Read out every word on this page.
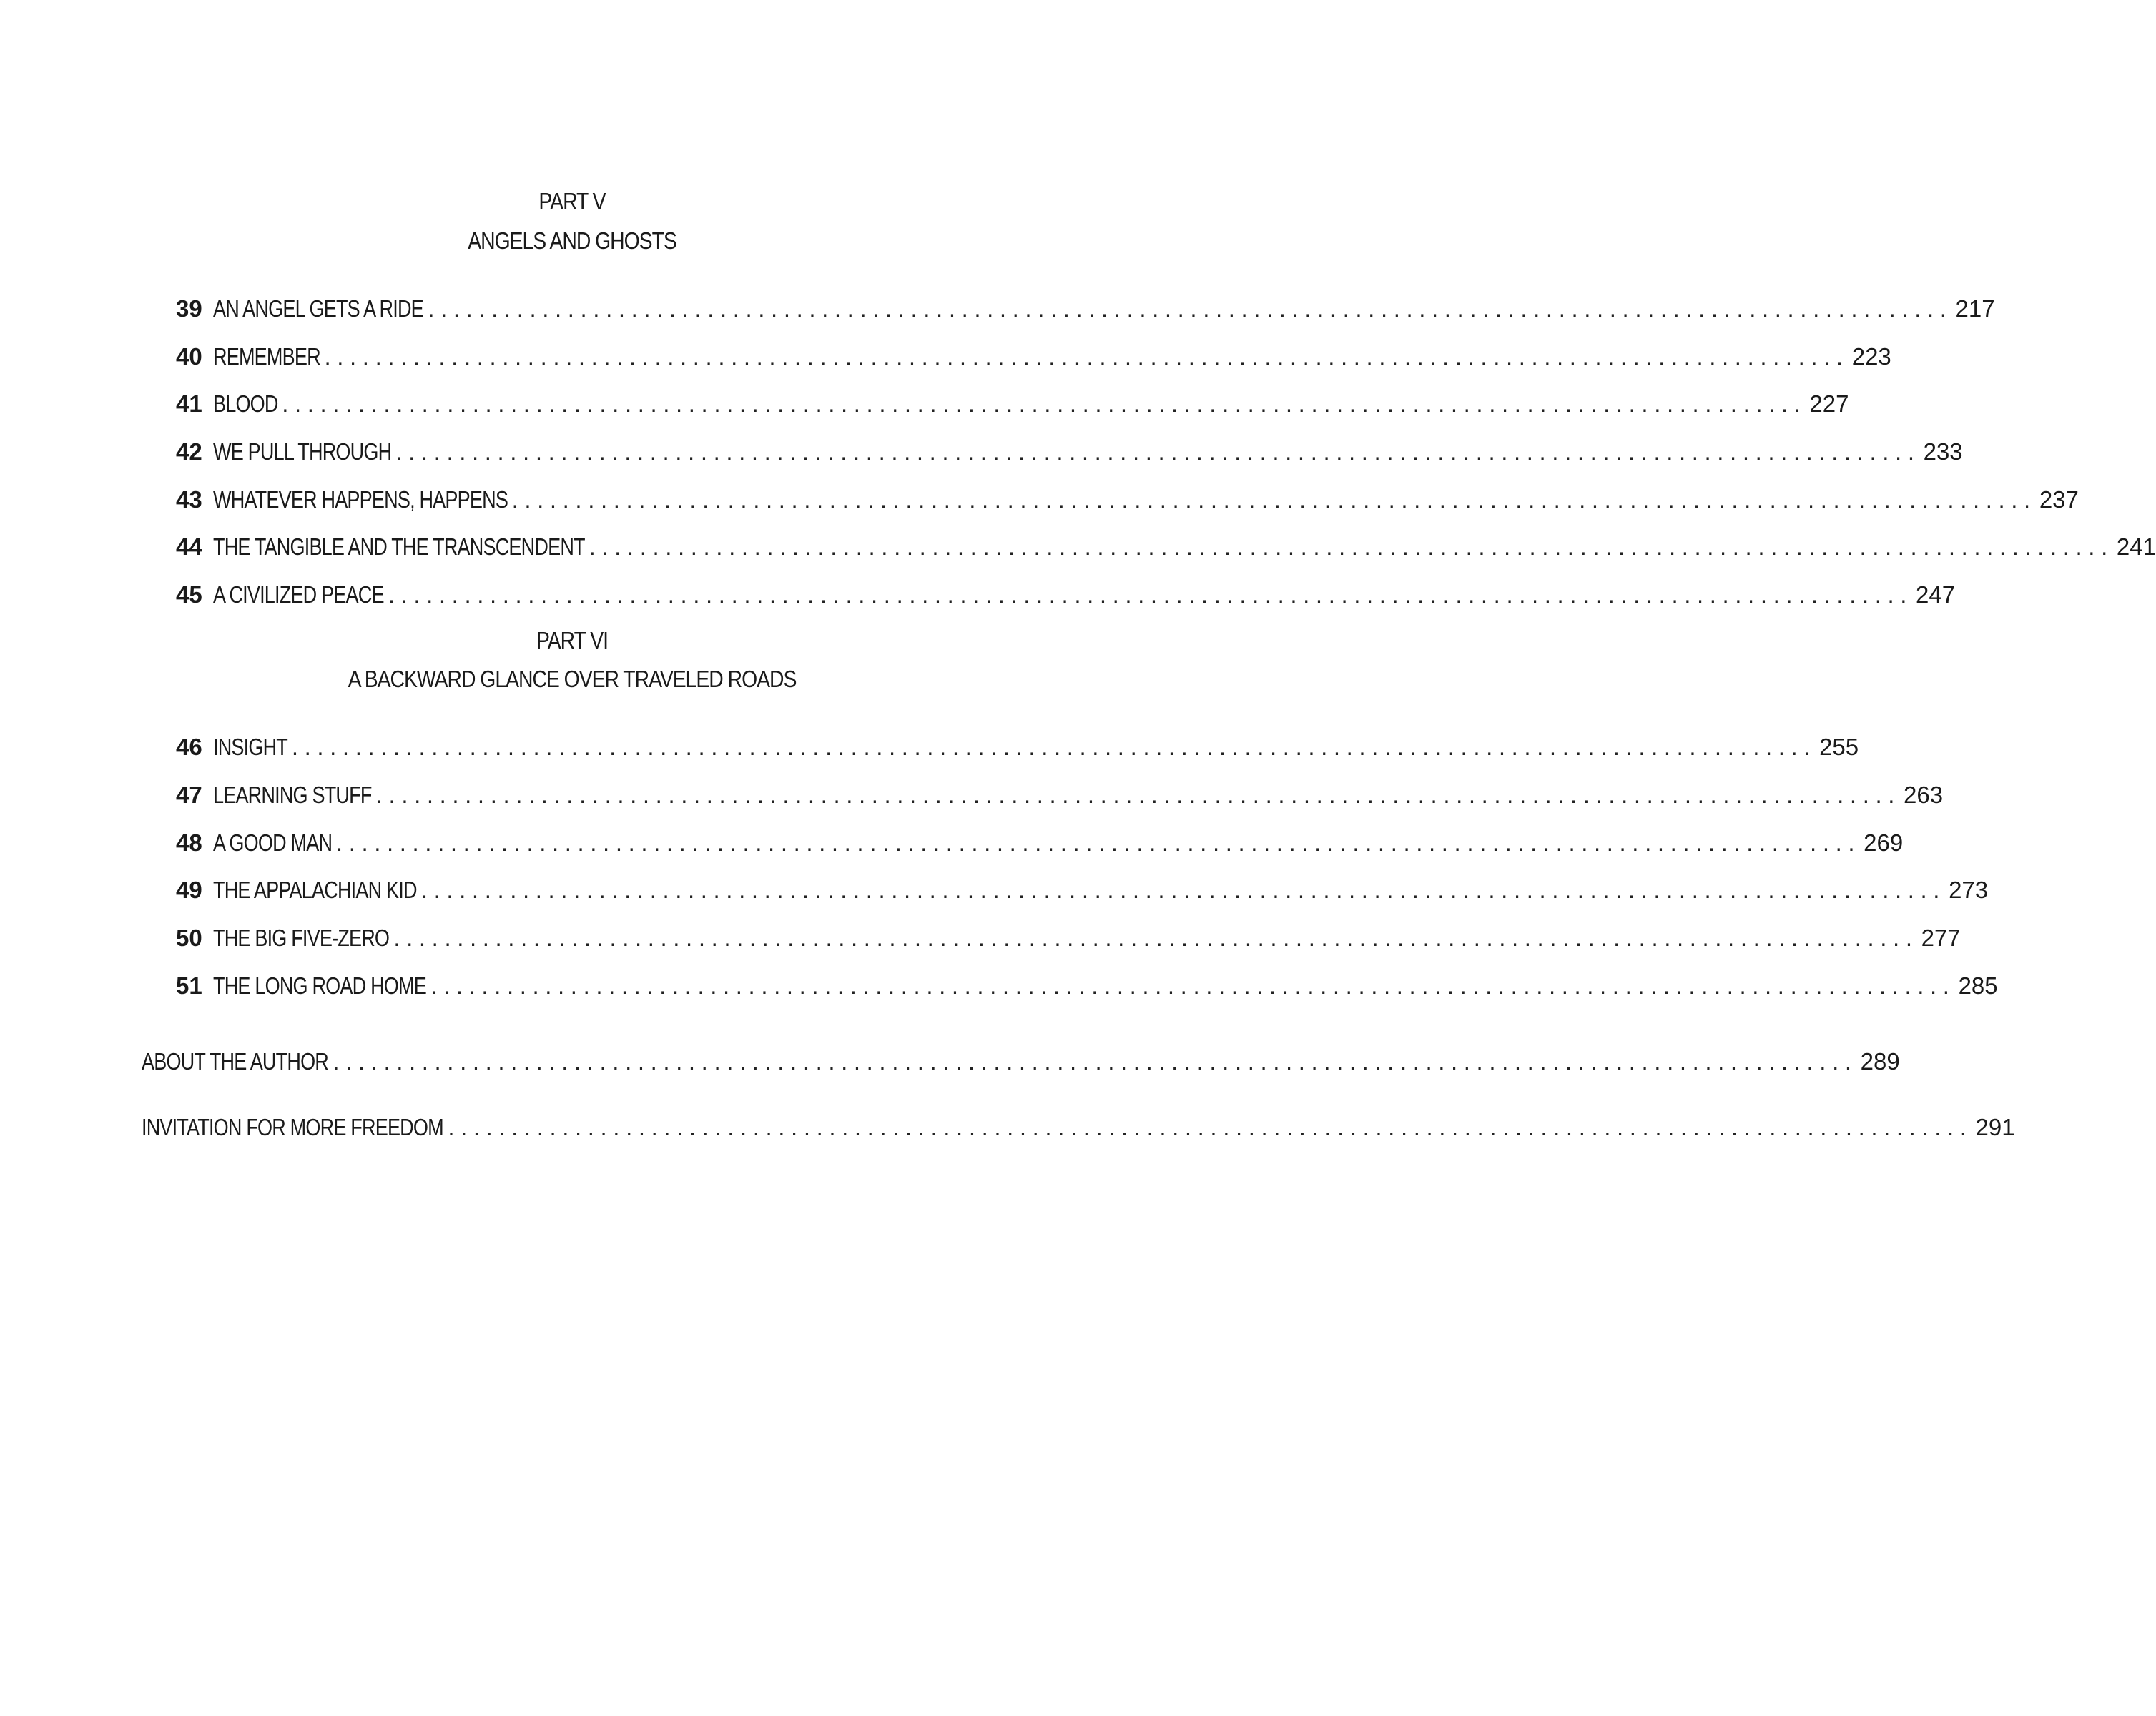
PART V
ANGELS AND GHOSTS
39 AN ANGEL GETS A RIDE ........................................................................................................................ 217
40 REMEMBER ........................................................................................................................ 223
41 BLOOD ........................................................................................................................ 227
42 WE PULL THROUGH ........................................................................................................................ 233
43 WHATEVER HAPPENS, HAPPENS ........................................................................................................................ 237
44 THE TANGIBLE AND THE TRANSCENDENT ........................................................................................................................ 241
45 A CIVILIZED PEACE ........................................................................................................................ 247
PART VI
A BACKWARD GLANCE OVER TRAVELED ROADS
46 INSIGHT ........................................................................................................................ 255
47 LEARNING STUFF ........................................................................................................................ 263
48 A GOOD MAN ........................................................................................................................ 269
49 THE APPALACHIAN KID ........................................................................................................................ 273
50 THE BIG FIVE-ZERO ........................................................................................................................ 277
51 THE LONG ROAD HOME ........................................................................................................................ 285
ABOUT THE AUTHOR ........................................................................................................................ 289
INVITATION FOR MORE FREEDOM ........................................................................................................................ 291
